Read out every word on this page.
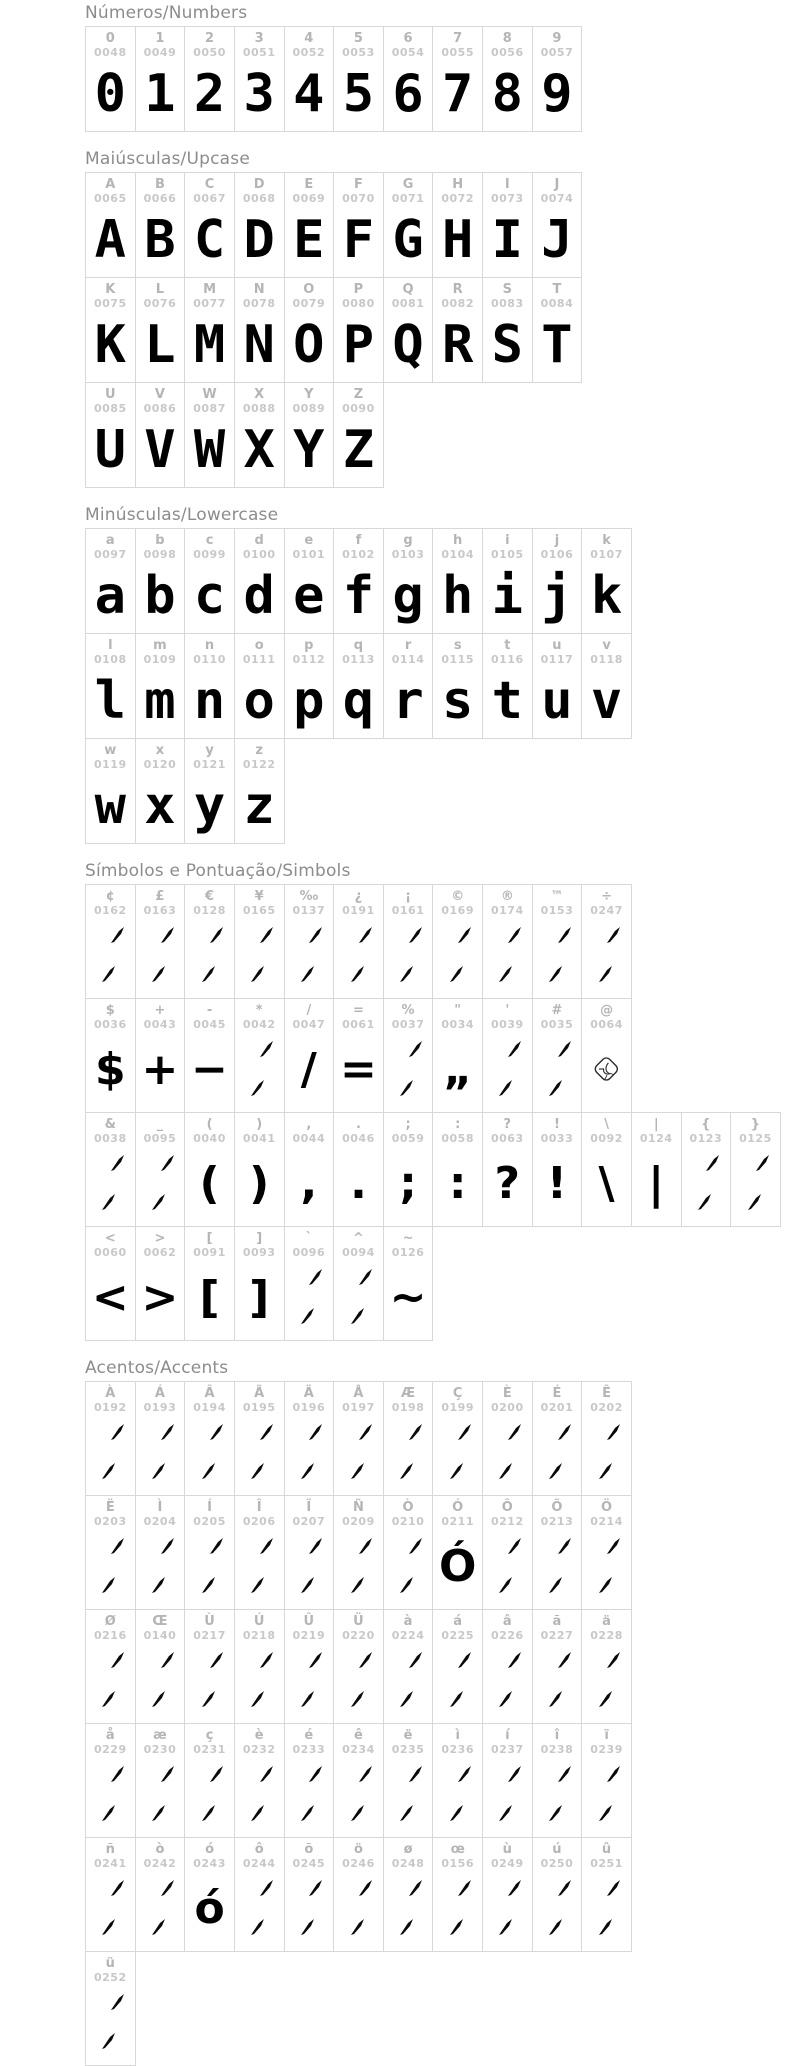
Números/Numbers
0
0048
0
1
0049
1
2
0050
2
3
0051
3
4
0052
4
5
0053
5
6
0054
6
7
0055
7
8
0056
8
9
0057
9
Maiúsculas/Upcase
A
0065
A
B
0066
B
C
0067
C
D
0068
D
E
0069
E
F
0070
F
G
0071
G
H
0072
H
I
0073
I
J
0074
J
K
0075
K
L
0076
L
M
0077
M
N
0078
N
O
0079
O
P
0080
P
Q
0081
Q
R
0082
R
S
0083
S
T
0084
T
U
0085
U
V
0086
V
W
0087
W
X
0088
X
Y
0089
Y
Z
0090
Z
Minúsculas/Lowercase
a
0097
a
b
0098
b
c
0099
c
d
0100
d
e
0101
e
f
0102
f
g
0103
g
h
0104
h
i
0105
i
j
0106
j
k
0107
k
l
0108
l
m
0109
m
n
0110
n
o
0111
o
p
0112
p
q
0113
q
r
0114
r
s
0115
s
t
0116
t
u
0117
u
v
0118
v
w
0119
w
x
0120
x
y
0121
y
z
0122
z
Símbolos e Pontuação/Simbols
¢
0162
£
0163
€
0128
¥
0165
‰
0137
¿
0191
¡
0161
©
0169
®
0174
™
0153
÷
0247
$
0036
$
+
0043
+
-
0045
−
*
0042
/
0047
/
=
0061
=
%
0037
"
0034
„
'
0039
#
0035
@
0064
&
0038
_
0095
(
0040
(
)
0041
)
,
0044
,
.
0046
.
;
0059
;
:
0058
:
?
0063
?
!
0033
!
\
0092
\
|
0124
|
{
0123
}
0125
<
0060
<
>
0062
>
[
0091
[
]
0093
]
`
0096
^
0094
~
0126
~
Acentos/Accents
À
0192
Á
0193
Â
0194
Ã
0195
Ä
0196
Å
0197
Æ
0198
Ç
0199
È
0200
É
0201
Ê
0202
Ë
0203
Ì
0204
Í
0205
Î
0206
Ï
0207
Ñ
0209
Ò
0210
Ó
0211
Ó
Ô
0212
Õ
0213
Ö
0214
Ø
0216
Œ
0140
Ù
0217
Ú
0218
Û
0219
Ü
0220
à
0224
á
0225
â
0226
ã
0227
ä
0228
å
0229
æ
0230
ç
0231
è
0232
é
0233
ê
0234
ë
0235
ì
0236
í
0237
î
0238
ï
0239
ñ
0241
ò
0242
ó
0243
ó
ô
0244
õ
0245
ö
0246
ø
0248
œ
0156
ù
0249
ú
0250
û
0251
ü
0252
